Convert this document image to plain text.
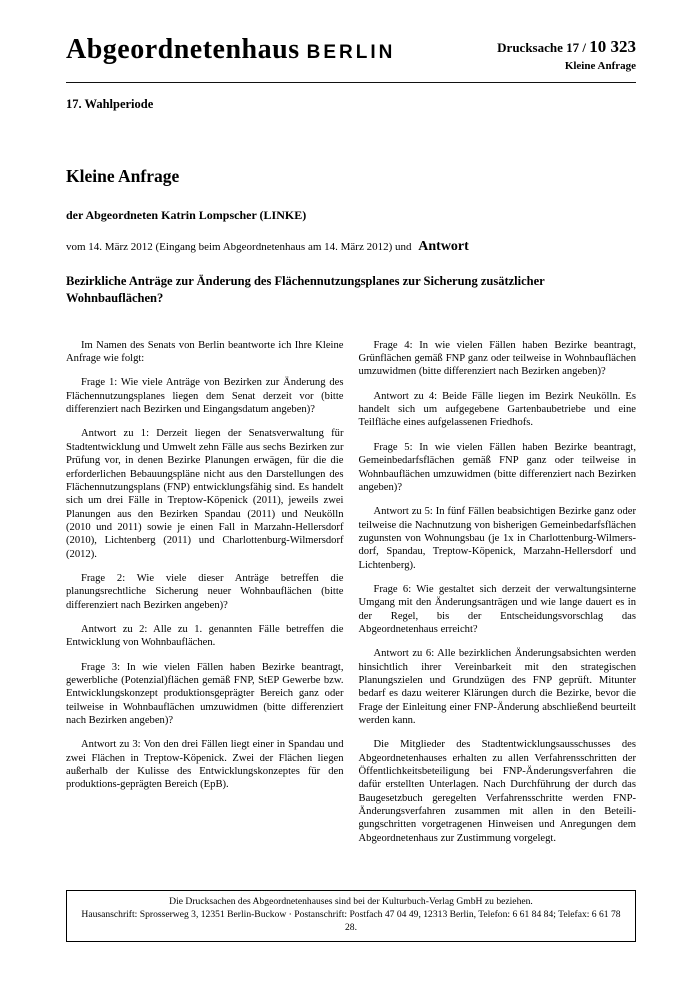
Abgeordnetenhaus BERLIN	Drucksache 17 / 10 323
Kleine Anfrage
17. Wahlperiode
Kleine Anfrage
der Abgeordneten Katrin Lompscher (LINKE)
vom 14. März 2012 (Eingang beim Abgeordnetenhaus am 14. März 2012) und Antwort
Bezirkliche Anträge zur Änderung des Flächennutzungsplanes zur Sicherung zusätzlicher Wohnbauflächen?

Im Namen des Senats von Berlin beantworte ich Ihre Kleine Anfrage wie folgt:

Frage 1: Wie viele Anträge von Bezirken zur Änderung des Flächennutzungsplanes liegen dem Senat derzeit vor (bitte differenziert nach Bezirken und Eingangsdatum angeben)?

Antwort zu 1: Derzeit liegen der Senatsverwaltung für Stadtentwicklung und Umwelt zehn Fälle aus sechs Bezirken zur Prüfung vor, in denen Bezirke Planungen erwägen, für die die erforderlichen Bebauungspläne nicht aus den Darstellungen des Flächennutzungsplans (FNP) entwicklungsfähig sind. Es handelt sich um drei Fälle in Treptow-Köpenick (2011), jeweils zwei Planungen aus den Bezirken Spandau (2011) und Neukölln (2010 und 2011) sowie je einen Fall in Marzahn-Hellersdorf (2010), Lichtenberg (2011) und Charlottenburg-Wilmersdorf (2012).

Frage 2: Wie viele dieser Anträge betreffen die planungsrechtliche Sicherung neuer Wohnbauflächen (bitte differenziert nach Bezirken angeben)?

Antwort zu 2: Alle zu 1. genannten Fälle betreffen die Entwicklung von Wohnbauflächen.

Frage 3: In wie vielen Fällen haben Bezirke beantragt, gewerbliche (Potenzial)flächen gemäß FNP, StEP Gewerbe bzw. Entwicklungskonzept produktionsgeprägter Bereich ganz oder teilweise in Wohnbauflächen umzuwidmen (bitte differenziert nach Bezirken angeben)?

Antwort zu 3: Von den drei Fällen liegt einer in Spandau und zwei Flächen in Treptow-Köpenick. Zwei der Flächen liegen außerhalb der Kulisse des Entwicklungskonzeptes für den produktions-geprägten Bereich (EpB).

Frage 4: In wie vielen Fällen haben Bezirke beantragt, Grünflächen gemäß FNP ganz oder teilweise in Wohnbauflächen umzuwidmen (bitte differenziert nach Bezirken angeben)?

Antwort zu 4: Beide Fälle liegen im Bezirk Neukölln. Es handelt sich um aufgegebene Gartenbaubetriebe und eine Teilfläche eines aufgelassenen Friedhofs.

Frage 5: In wie vielen Fällen haben Bezirke beantragt, Gemeinbedarfsflächen gemäß FNP ganz oder teilweise in Wohnbauflächen umzuwidmen (bitte differenziert nach Bezirken angeben)?

Antwort zu 5: In fünf Fällen beabsichtigen Bezirke ganz oder teilweise die Nachnutzung von bisherigen Gemeinbedarfsflächen zugunsten von Wohnungsbau (je 1x in Charlottenburg-Wilmers-dorf, Spandau, Treptow-Köpenick, Marzahn-Hellersdorf und Lichtenberg).

Frage 6: Wie gestaltet sich derzeit der verwaltungsinterne Umgang mit den Änderungsanträgen und wie lange dauert es in der Regel, bis der Entscheidungsvorschlag das Abgeordnetenhaus erreicht?

Antwort zu 6: Alle bezirklichen Änderungsabsichten werden hinsichtlich ihrer Vereinbarkeit mit den strategischen Planungszielen und Grundzügen des FNP geprüft. Mitunter bedarf es dazu weiterer Klärungen durch die Bezirke, bevor die Frage der Einleitung einer FNP-Änderung abschließend beurteilt werden kann.

Die Mitglieder des Stadtentwicklungsausschusses des Abgeordnetenhauses erhalten zu allen Verfahrensschritten der Öffentlichkeitsbeteiligung bei FNP-Änderungsverfahren die dafür erstellten Unterlagen. Nach Durchführung der durch das Baugesetzbuch geregelten Verfahrensschritte werden FNP-Änderungsverfahren zusammen mit allen in den Beteili-gungschritten vorgetragenen Hinweisen und Anregungen dem Abgeordnetenhaus zur Zustimmung vorgelegt.

Die Drucksachen des Abgeordnetenhauses sind bei der Kulturbuch-Verlag GmbH zu beziehen.
Hausanschrift: Sprosserweg 3, 12351 Berlin-Buckow · Postanschrift: Postfach 47 04 49, 12313 Berlin, Telefon: 6 61 84 84; Telefax: 6 61 78 28.
